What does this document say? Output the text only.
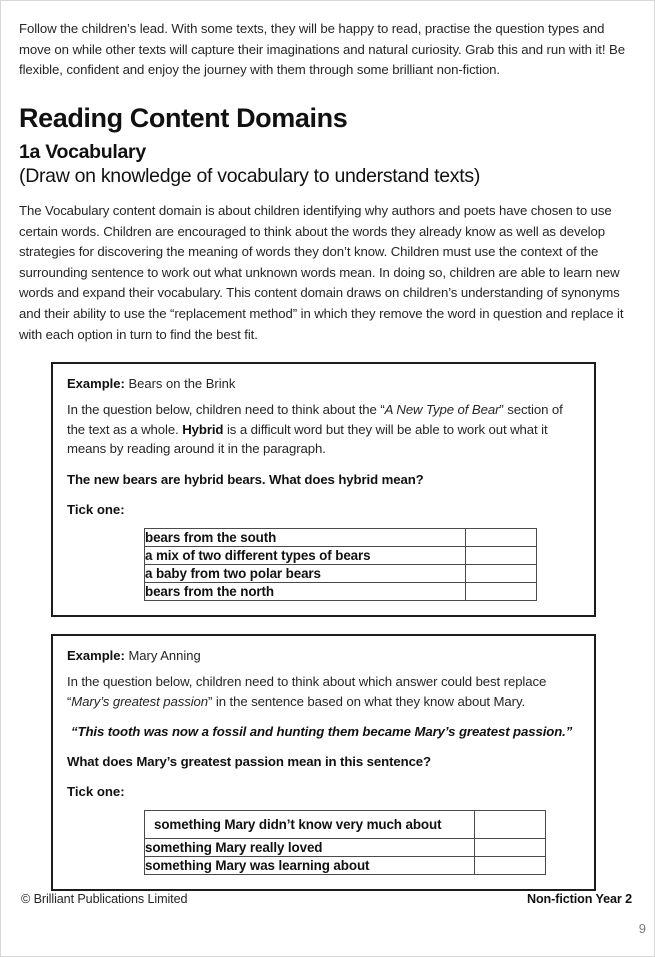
Follow the children’s lead. With some texts, they will be happy to read, practise the question types and move on while other texts will capture their imaginations and natural curiosity. Grab this and run with it! Be flexible, confident and enjoy the journey with them through some brilliant non-fiction.

Reading Content Domains
1a Vocabulary
(Draw on knowledge of vocabulary to understand texts)

The Vocabulary content domain is about children identifying why authors and poets have chosen to use certain words. Children are encouraged to think about the words they already know as well as develop strategies for discovering the meaning of words they don’t know. Children must use the context of the surrounding sentence to work out what unknown words mean. In doing so, children are able to learn new words and expand their vocabulary. This content domain draws on children’s understanding of synonyms and their ability to use the “replacement method” in which they remove the word in question and replace it with each option in turn to find the best fit.

Example: Bears on the Brink

In the question below, children need to think about the “A New Type of Bear” section of the text as a whole. Hybrid is a difficult word but they will be able to work out what it means by reading around it in the paragraph.

The new bears are hybrid bears. What does hybrid mean?

Tick one:

bears from the south	
a mix of two different types of bears	
a baby from two polar bears	
bears from the north	

Example: Mary Anning

In the question below, children need to think about which answer could best replace “Mary’s greatest passion” in the sentence based on what they know about Mary.

“This tooth was now a fossil and hunting them became Mary’s greatest passion.”

What does Mary’s greatest passion mean in this sentence?

Tick one:

something Mary didn’t know very much about	
something Mary really loved	
something Mary was learning about	
© Brilliant Publications Limited	Non-fiction Year 2
9
